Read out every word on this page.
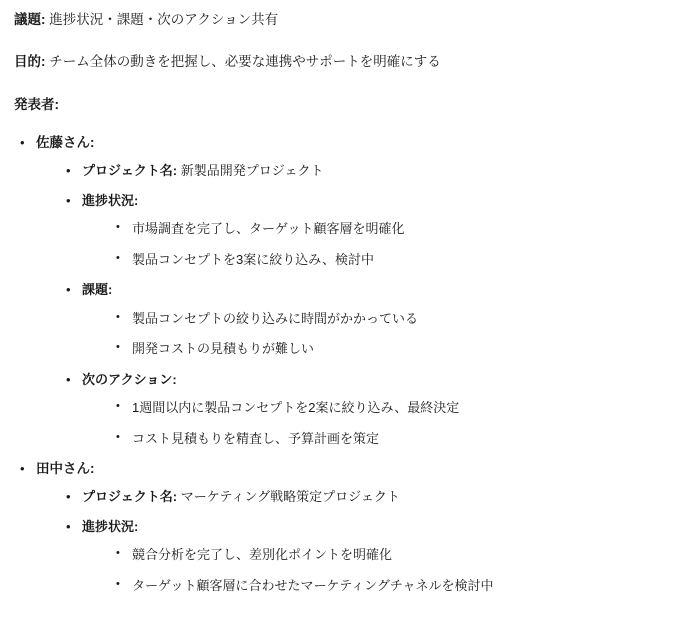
議題: 進捗状況・課題・次のアクション共有

目的: チーム全体の動きを把握し、必要な連携やサポートを明確にする

発表者:

• 佐藤さん:
• プロジェクト名: 新製品開発プロジェクト
• 進捗状況:
• 市場調査を完了し、ターゲット顧客層を明確化
• 製品コンセプトを3案に絞り込み、検討中
• 課題:
• 製品コンセプトの絞り込みに時間がかかっている
• 開発コストの見積もりが難しい
• 次のアクション:
• 1週間以内に製品コンセプトを2案に絞り込み、最終決定
• コスト見積もりを精査し、予算計画を策定
• 田中さん:
• プロジェクト名: マーケティング戦略策定プロジェクト
• 進捗状況:
• 競合分析を完了し、差別化ポイントを明確化
• ターゲット顧客層に合わせたマーケティングチャネルを検討中
